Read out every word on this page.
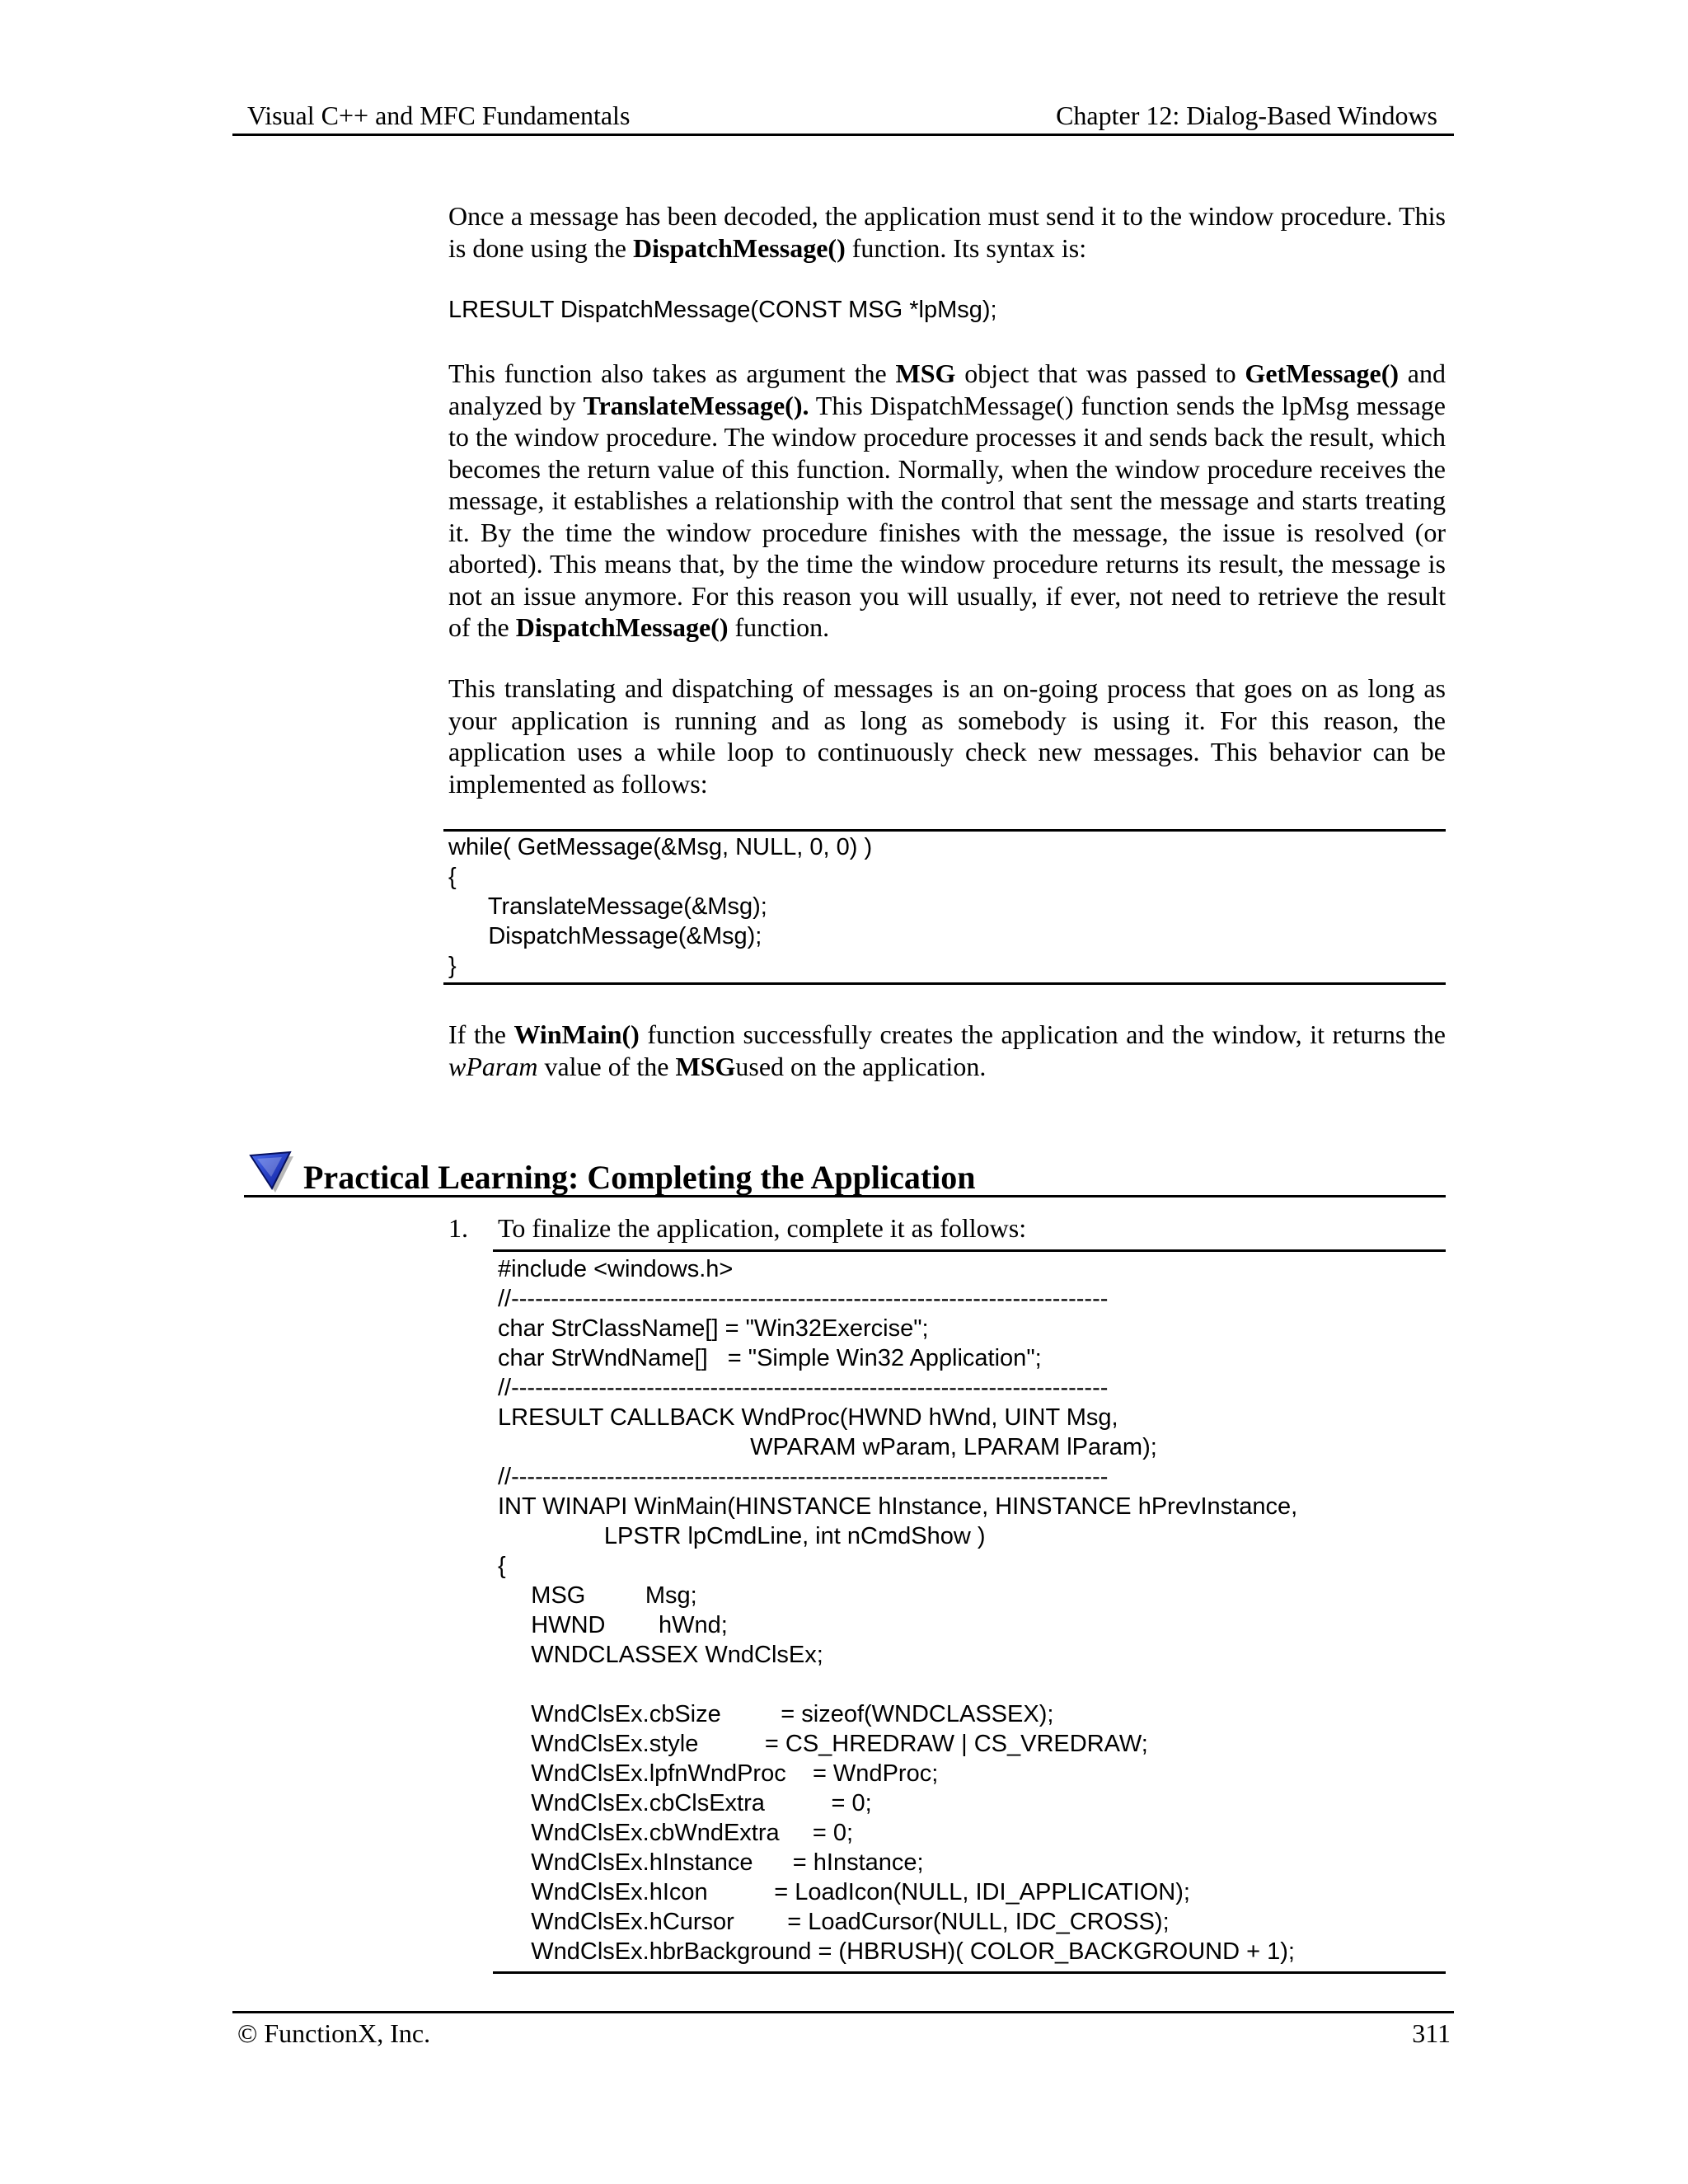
Visual C++ and MFC Fundamentals	Chapter 12: Dialog-Based Windows
Once a message has been decoded, the application must send it to the window procedure. This is done using the DispatchMessage() function. Its syntax is:
LRESULT DispatchMessage(CONST MSG *lpMsg);
This function also takes as argument the MSG object that was passed to GetMessage() and analyzed by TranslateMessage(). This DispatchMessage() function sends the lpMsg message to the window procedure. The window procedure processes it and sends back the result, which becomes the return value of this function. Normally, when the window procedure receives the message, it establishes a relationship with the control that sent the message and starts treating it. By the time the window procedure finishes with the message, the issue is resolved (or aborted). This means that, by the time the window procedure returns its result, the message is not an issue anymore. For this reason you will usually, if ever, not need to retrieve the result of the DispatchMessage() function.
This translating and dispatching of messages is an on-going process that goes on as long as your application is running and as long as somebody is using it. For this reason, the application uses a while loop to continuously check new messages. This behavior can be implemented as follows:
while( GetMessage(&Msg, NULL, 0, 0) )
{
TranslateMessage(&Msg);
DispatchMessage(&Msg);
}
If the WinMain() function successfully creates the application and the window, it returns the wParam value of the MSGused on the application.
Practical Learning: Completing the Application
1. To finalize the application, complete it as follows:
#include <windows.h>
//---------------------------------------------------------------------------
char StrClassName[] = "Win32Exercise";
char StrWndName[]   = "Simple Win32 Application";
//---------------------------------------------------------------------------
LRESULT CALLBACK WndProc(HWND hWnd, UINT Msg,
WPARAM wParam, LPARAM lParam);
//---------------------------------------------------------------------------
INT WINAPI WinMain(HINSTANCE hInstance, HINSTANCE hPrevInstance,
LPSTR lpCmdLine, int nCmdShow )
{
MSG         Msg;
HWND        hWnd;
WNDCLASSEX WndClsEx;

WndClsEx.cbSize         = sizeof(WNDCLASSEX);
WndClsEx.style          = CS_HREDRAW | CS_VREDRAW;
WndClsEx.lpfnWndProc    = WndProc;
WndClsEx.cbClsExtra          = 0;
WndClsEx.cbWndExtra     = 0;
WndClsEx.hInstance      = hInstance;
WndClsEx.hIcon          = LoadIcon(NULL, IDI_APPLICATION);
WndClsEx.hCursor        = LoadCursor(NULL, IDC_CROSS);
WndClsEx.hbrBackground = (HBRUSH)( COLOR_BACKGROUND + 1);
© FunctionX, Inc.	311
